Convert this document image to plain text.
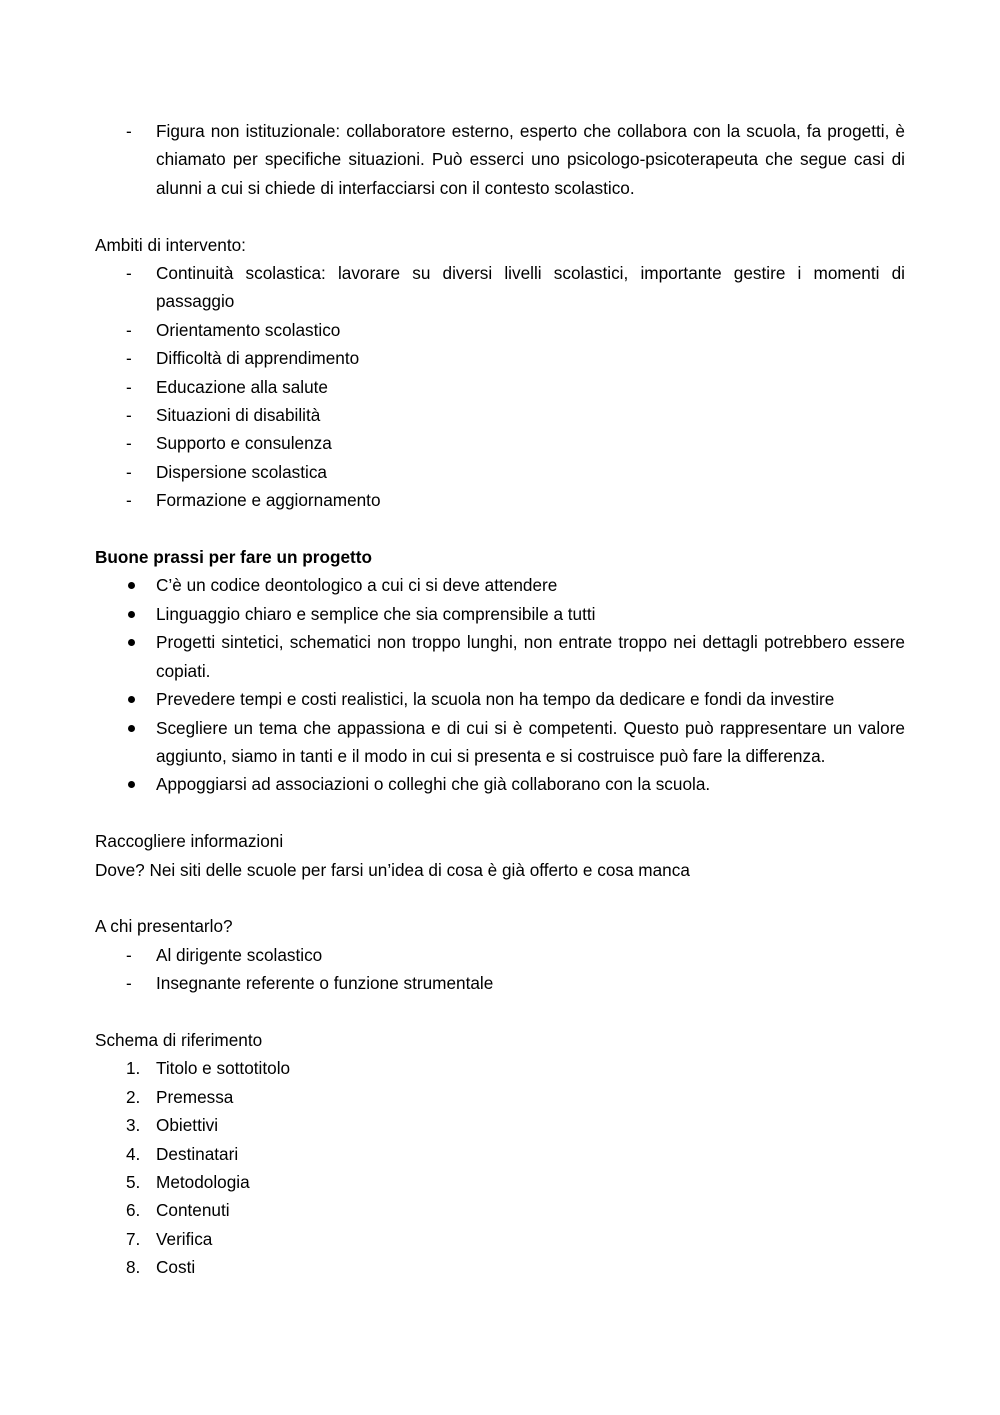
-	Figura non istituzionale: collaboratore esterno, esperto che collabora con la scuola, fa progetti, è chiamato per specifiche situazioni. Può esserci uno psicologo-psicoterapeuta che segue casi di alunni a cui si chiede di interfacciarsi con il contesto scolastico.

Ambiti di intervento:

-	Continuità scolastica: lavorare su diversi livelli scolastici, importante gestire i momenti di passaggio
-	Orientamento scolastico
-	Difficoltà di apprendimento
-	Educazione alla salute
-	Situazioni di disabilità
-	Supporto e consulenza
-	Dispersione scolastica
-	Formazione e aggiornamento

Buone prassi per fare un progetto

C’è un codice deontologico a cui ci si deve attendere
Linguaggio chiaro e semplice che sia comprensibile a tutti
Progetti sintetici, schematici non troppo lunghi, non entrate troppo nei dettagli potrebbero essere copiati.
Prevedere tempi e costi realistici, la scuola non ha tempo da dedicare e fondi da investire
Scegliere un tema che appassiona e di cui si è competenti. Questo può rappresentare un valore aggiunto, siamo in tanti e il modo in cui si presenta e si costruisce può fare la differenza.
Appoggiarsi ad associazioni o colleghi che già collaborano con la scuola.

Raccogliere informazioni

Dove? Nei siti delle scuole per farsi un’idea di cosa è già offerto e cosa manca

A chi presentarlo?

-	Al dirigente scolastico
-	Insegnante referente o funzione strumentale

Schema di riferimento

1. Titolo e sottotitolo
2. Premessa
3. Obiettivi
4. Destinatari
5. Metodologia
6. Contenuti
7. Verifica
8. Costi
